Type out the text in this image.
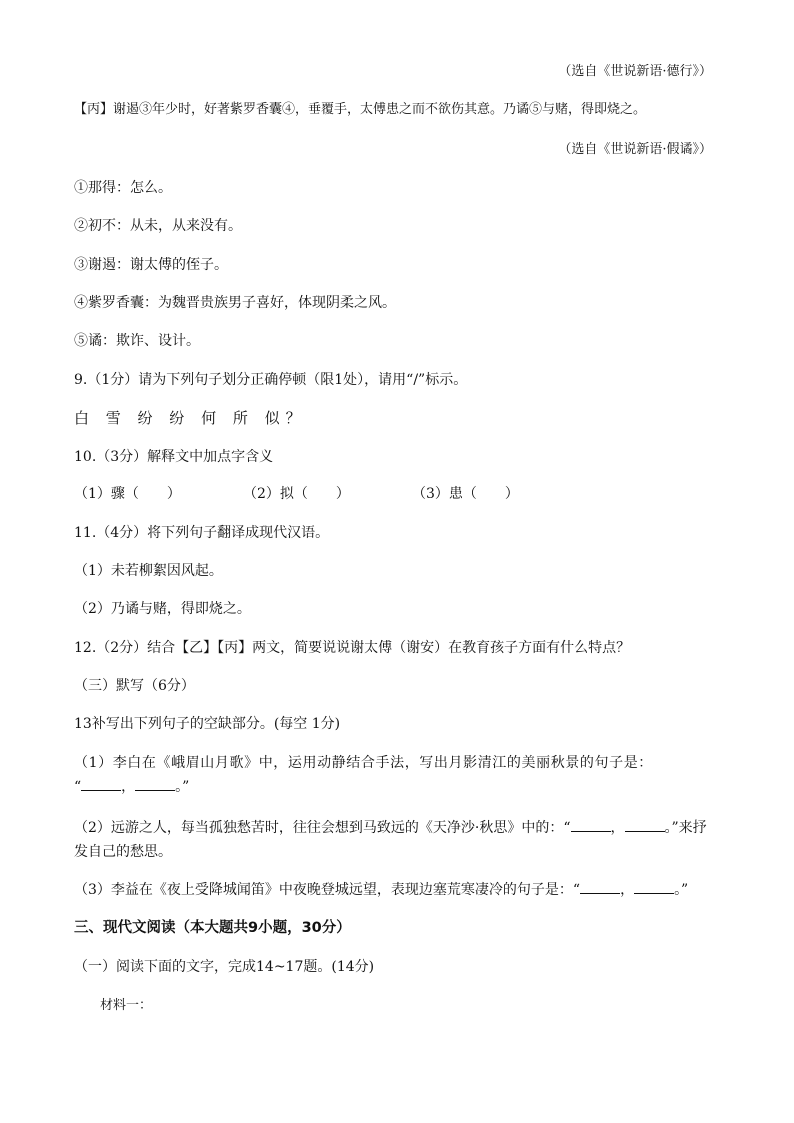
（选自《世说新语·德行》）
【丙】谢遏③年少时，好著紫罗香囊④，垂覆手，太傅患之而不欲伤其意。乃谲⑤与赌，得即烧之。
（选自《世说新语·假谲》）
①那得：怎么。
②初不：从未，从来没有。
③谢遏：谢太傅的侄子。
④紫罗香囊：为魏晋贵族男子喜好，体现阴柔之风。
⑤谲：欺诈、设计。
9.（1分）请为下列句子划分正确停顿（限1处），请用“/”标示。
白 雪 纷 纷 何 所 似？
10.（3分）解释文中加点字含义
（1）骤（　　）	（2）拟（　　）	（3）患（　　）
11.（4分）将下列句子翻译成现代汉语。
（1）未若柳絮因风起。
（2）乃谲与赌，得即烧之。
12.（2分）结合【乙】【丙】两文，简要说说谢太傅（谢安）在教育孩子方面有什么特点？
（三）默写（6分）
13补写出下列句子的空缺部分。(每空 1分)
（1）李白在《峨眉山月歌》中，运用动静结合手法，写出月影清江的美丽秋景的句子是：
“	，	。”
（2）远游之人，每当孤独愁苦时，往往会想到马致远的《天净沙·秋思》中的：“	，	。”来抒
发自己的愁思。
（3）李益在《夜上受降城闻笛》中夜晚登城远望，表现边塞荒寒凄冷的句子是：“	，	。”
三、现代文阅读（本大题共9小题，30分）
（一）阅读下面的文字，完成14~17题。(14分)
材料一：
